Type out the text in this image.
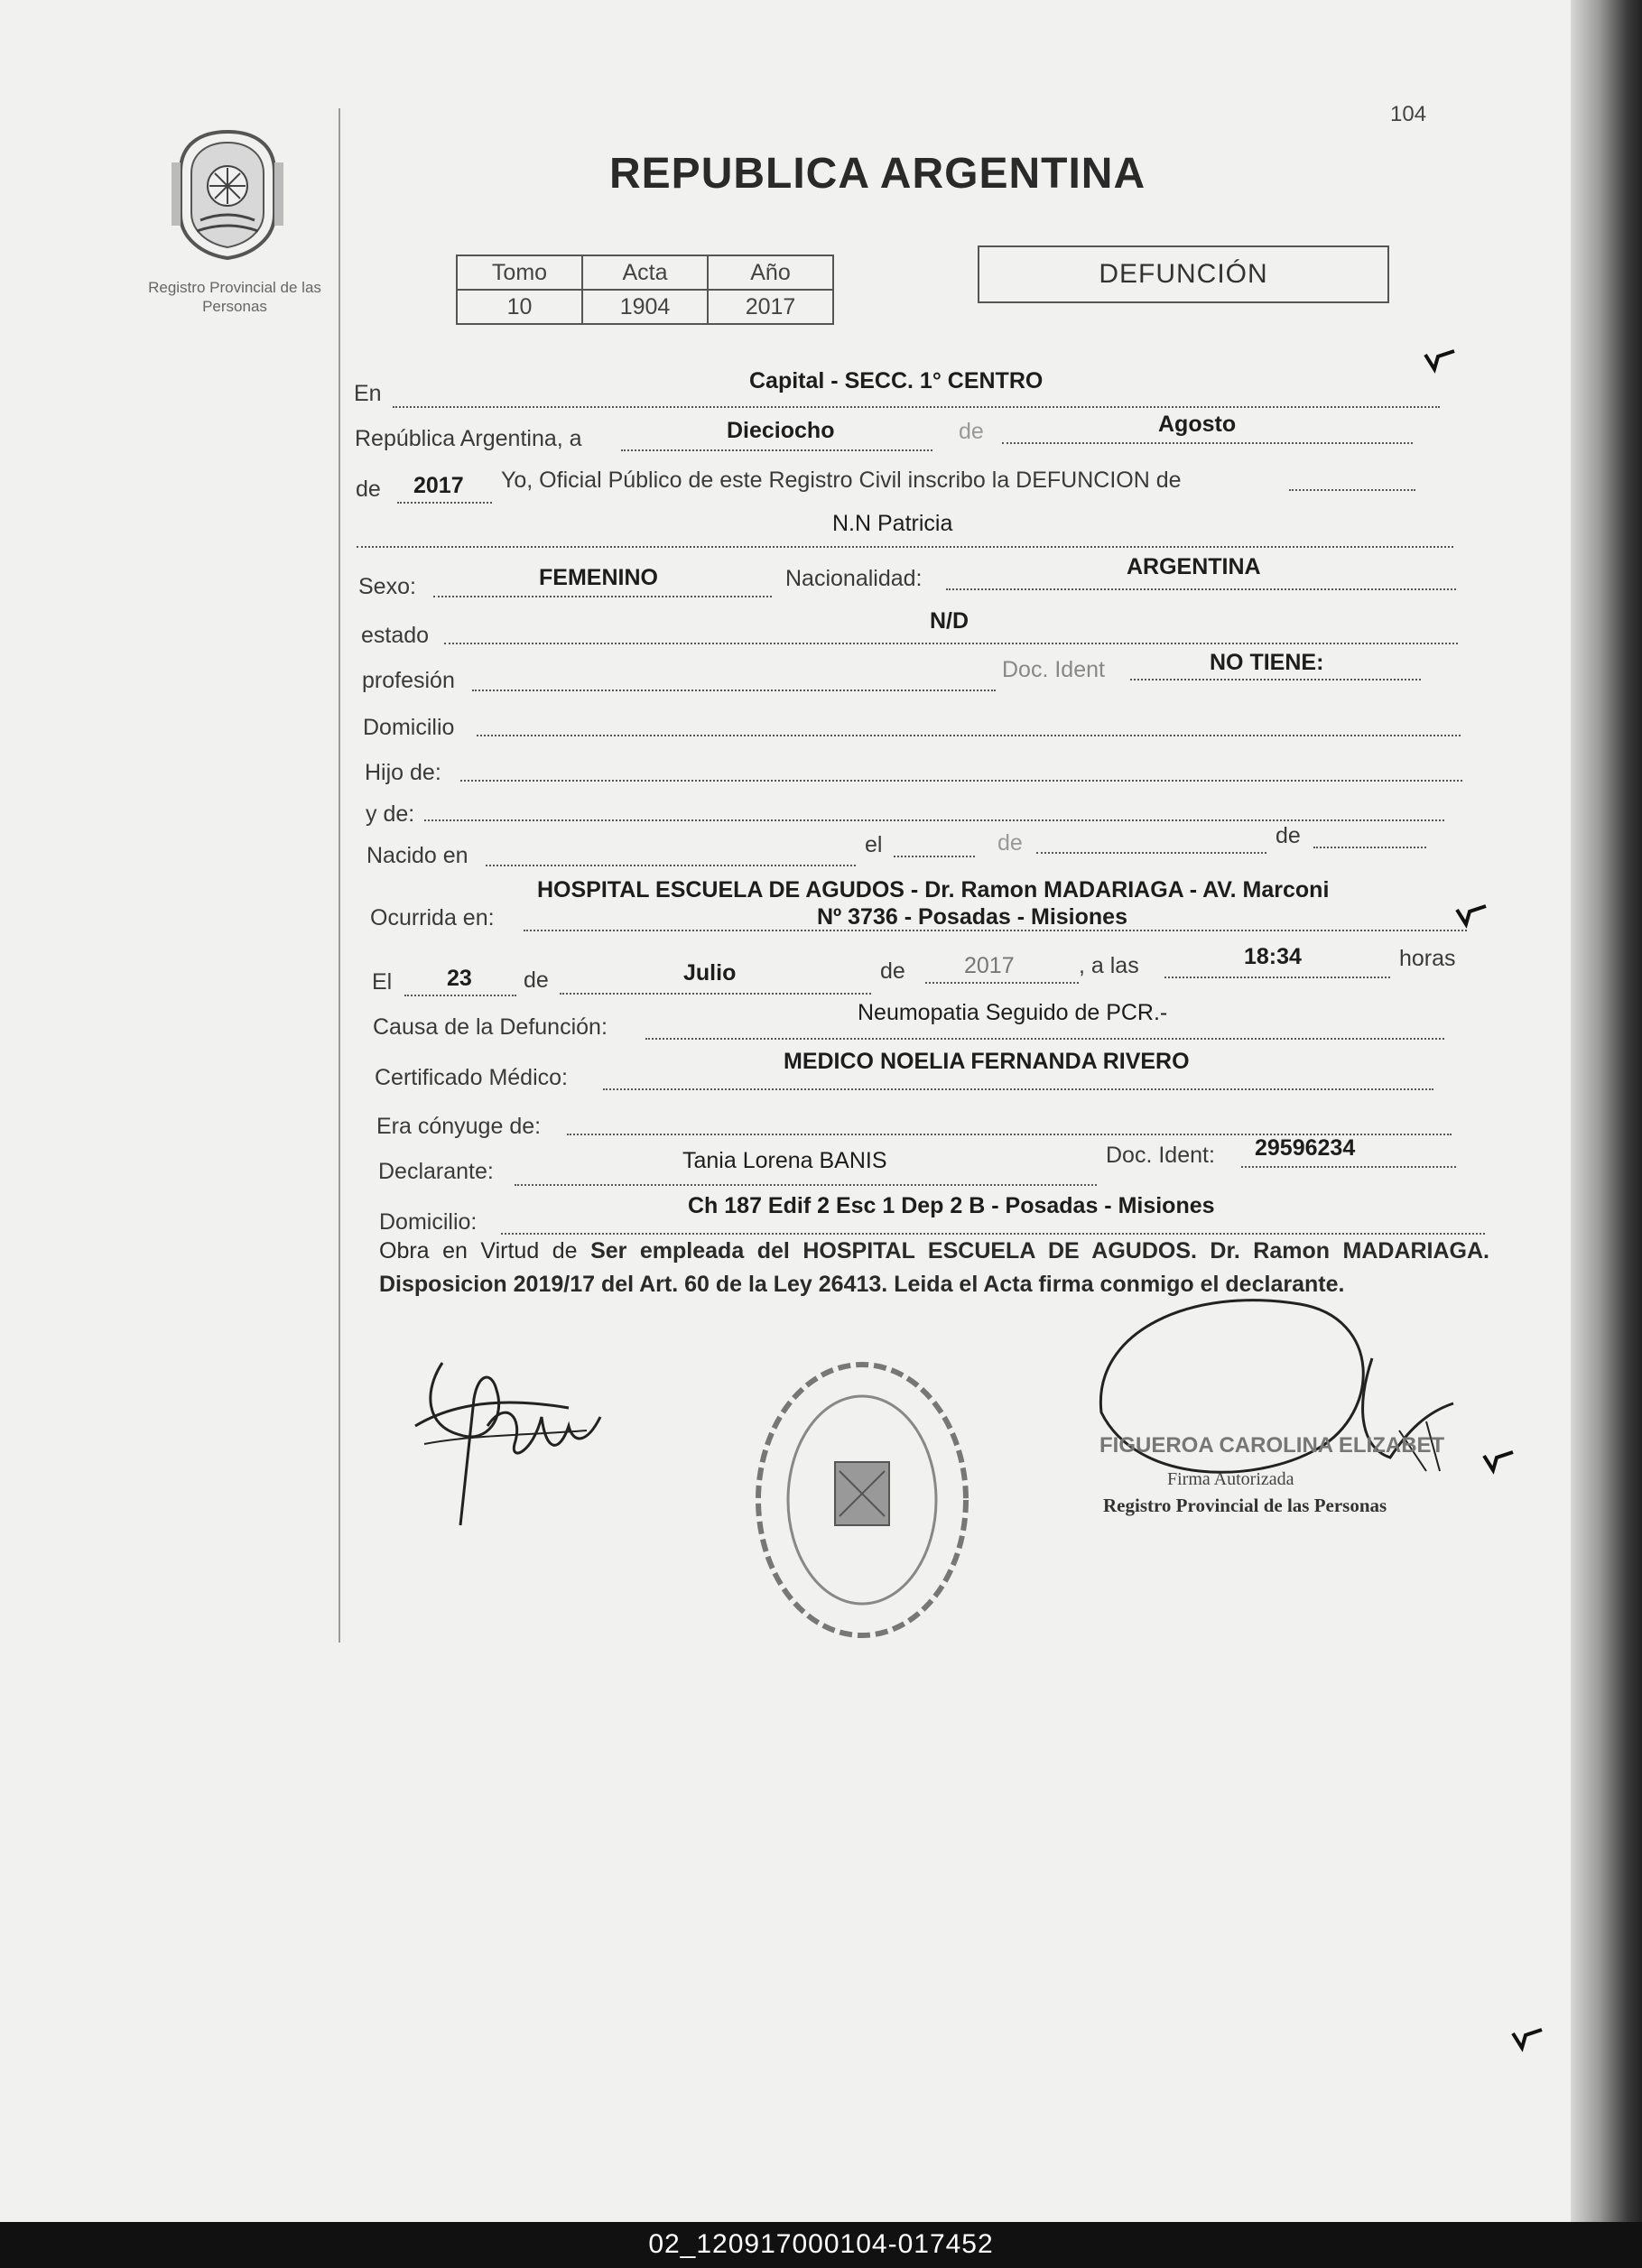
Registro Provincial de las Personas
104
REPUBLICA ARGENTINA
Tomo	Acta	Año
10	1904	2017
DEFUNCIÓN
En	Capital - SECC. 1° CENTRO
República Argentina, a	Dieciocho	de	Agosto
de 2017 Yo, Oficial Público de este Registro Civil inscribo la DEFUNCION de
N.N Patricia
Sexo:	FEMENINO	Nacionalidad:	ARGENTINA
estado
N/D
profesión	Doc. Ident	NO TIENE:
Domicilio
Hijo de:
y de:
Nacido en	el	de	de
HOSPITAL ESCUELA DE AGUDOS - Dr. Ramon MADARIAGA - AV. Marconi
Ocurrida en:	Nº 3736 - Posadas - Misiones
El 23 de	Julio	de	2017	, a las	18:34	horas
Causa de la Defunción:
Neumopatia Seguido de PCR.-
Certificado Médico:
MEDICO NOELIA FERNANDA RIVERO
Era cónyuge de:
Declarante:	Tania Lorena BANIS	Doc. Ident: 29596234
Domicilio:
Ch 187 Edif 2 Esc 1 Dep 2 B - Posadas - Misiones
Obra en Virtud de Ser empleada del HOSPITAL ESCUELA DE AGUDOS. Dr. Ramon MADARIAGA. Disposicion 2019/17 del Art. 60 de la Ley 26413. Leida el Acta firma conmigo el declarante.
FIGUEROA CAROLINA ELIZABET
Firma Autorizada
Registro Provincial de las Personas
02_120917000104-017452
